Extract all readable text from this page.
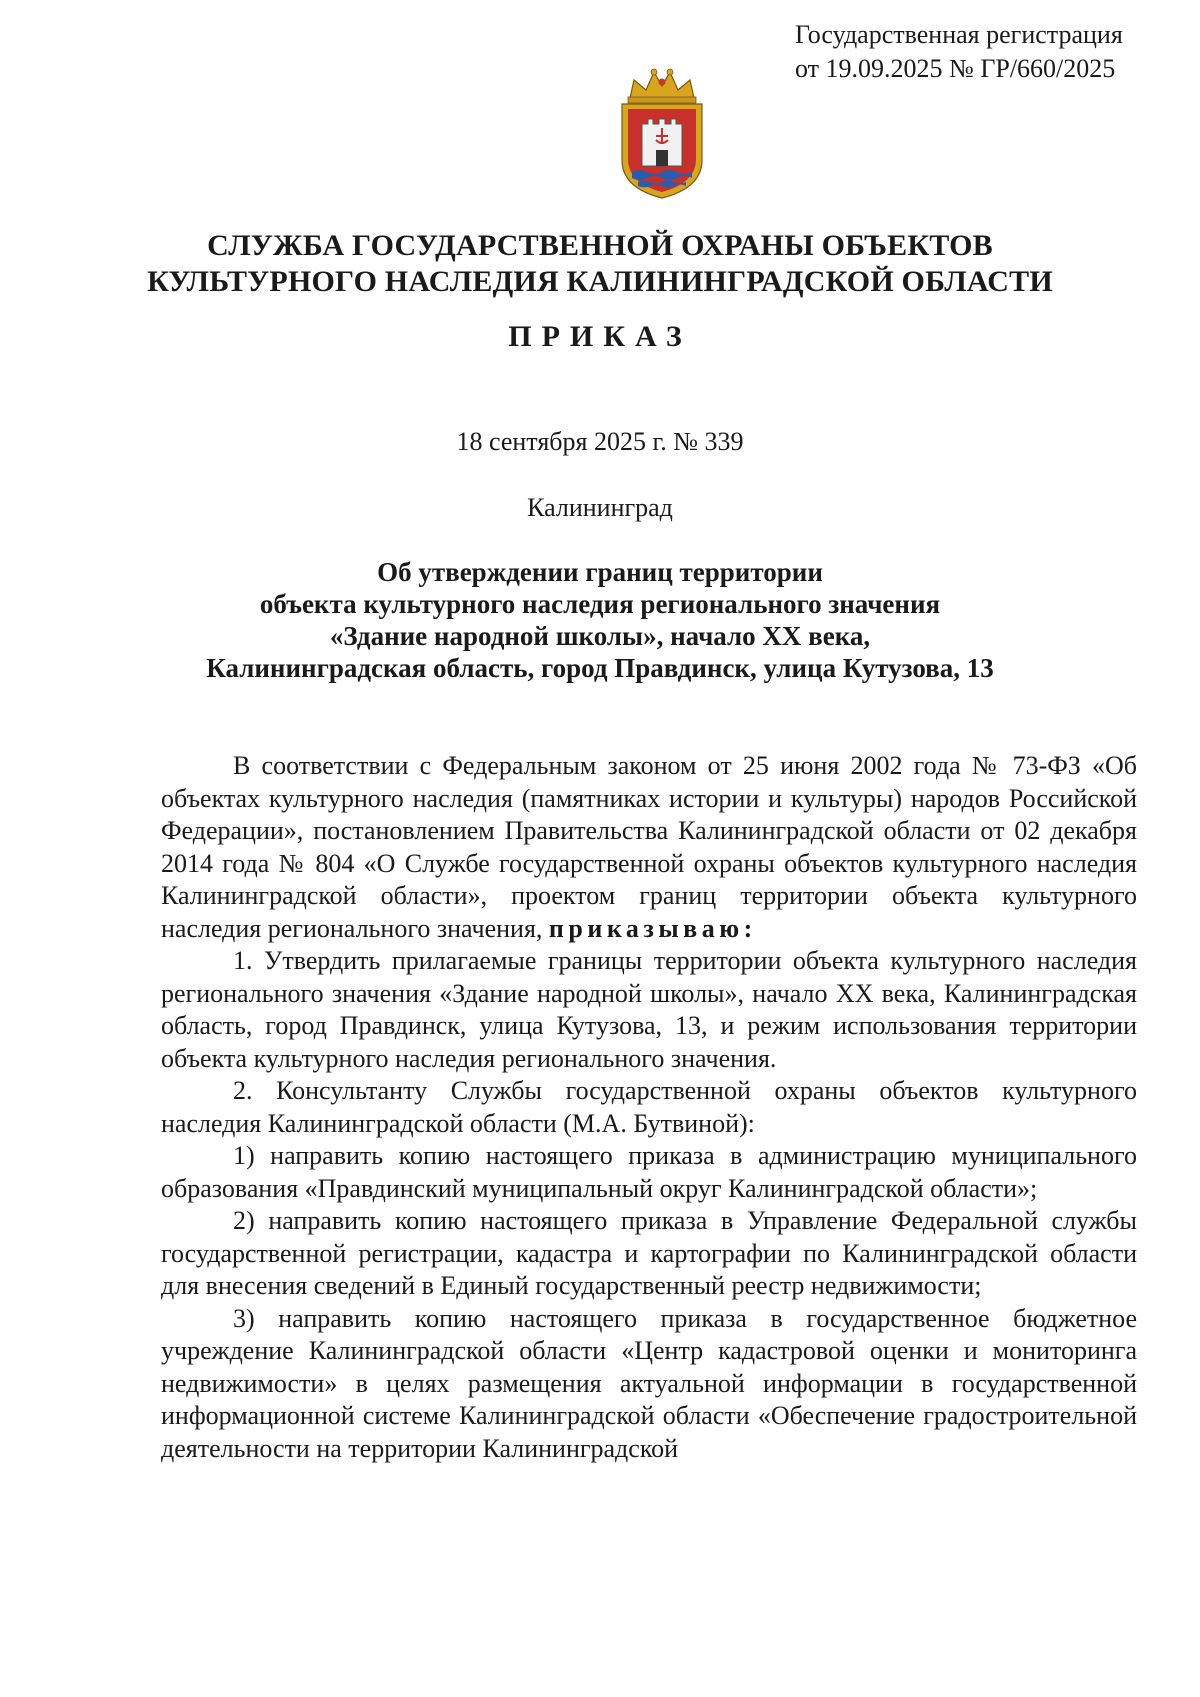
Государственная регистрация
от 19.09.2025 № ГР/660/2025
СЛУЖБА ГОСУДАРСТВЕННОЙ ОХРАНЫ ОБЪЕКТОВ
КУЛЬТУРНОГО НАСЛЕДИЯ КАЛИНИНГРАДСКОЙ ОБЛАСТИ
ПРИКАЗ
18 сентября 2025 г. № 339
Калининград
Об утверждении границ территории
объекта культурного наследия регионального значения
«Здание народной школы», начало XX века,
Калининградская область, город Правдинск, улица Кутузова, 13

В соответствии с Федеральным законом от 25 июня 2002 года № 73-ФЗ «Об объектах культурного наследия (памятниках истории и культуры) народов Российской Федерации», постановлением Правительства Калининградской области от 02 декабря 2014 года № 804 «О Службе государственной охраны объектов культурного наследия Калининградской области», проектом границ территории объекта культурного наследия регионального значения, приказываю:

1. Утвердить прилагаемые границы территории объекта культурного наследия регионального значения «Здание народной школы», начало XX века, Калининградская область, город Правдинск, улица Кутузова, 13, и режим использования территории объекта культурного наследия регионального значения.

2. Консультанту Службы государственной охраны объектов культурного наследия Калининградской области (М.А. Бутвиной):

1) направить копию настоящего приказа в администрацию муниципального образования «Правдинский муниципальный округ Калининградской области»;

2) направить копию настоящего приказа в Управление Федеральной службы государственной регистрации, кадастра и картографии по Калининградской области для внесения сведений в Единый государственный реестр недвижимости;

3) направить копию настоящего приказа в государственное бюджетное учреждение Калининградской области «Центр кадастровой оценки и мониторинга недвижимости» в целях размещения актуальной информации в государственной информационной системе Калининградской области «Обеспечение градостроительной деятельности на территории Калининградской
